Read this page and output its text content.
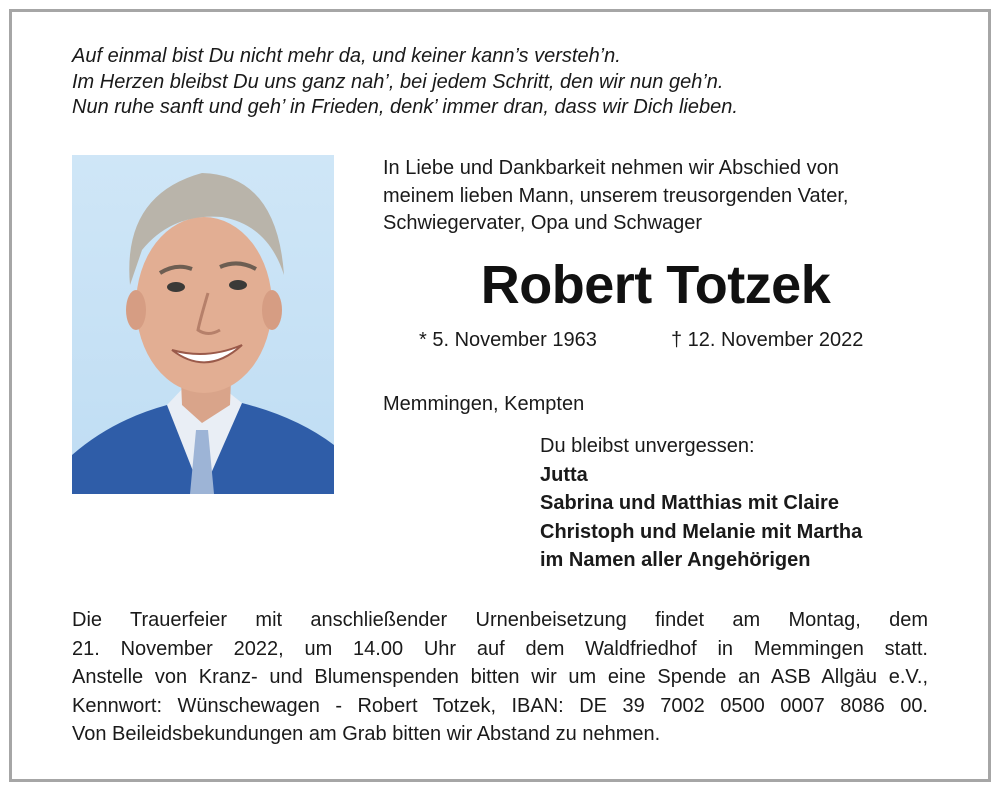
Auf einmal bist Du nicht mehr da, und keiner kann’s versteh’n.
Im Herzen bleibst Du uns ganz nah’, bei jedem Schritt, den wir nun geh’n.
Nun ruhe sanft und geh’ in Frieden, denk’ immer dran, dass wir Dich lieben.
In Liebe und Dankbarkeit nehmen wir Abschied von
meinem lieben Mann, unserem treusorgenden Vater,
Schwiegervater, Opa und Schwager
Robert Totzek
* 5. November 1963	† 12. November 2022
Memmingen, Kempten
Du bleibst unvergessen:
Jutta
Sabrina und Matthias mit Claire
Christoph und Melanie mit Martha
im Namen aller Angehörigen
Die Trauerfeier mit anschließender Urnenbeisetzung findet am Montag, dem
21. November 2022, um 14.00 Uhr auf dem Waldfriedhof in Memmingen statt.
Anstelle von Kranz- und Blumenspenden bitten wir um eine Spende an ASB Allgäu e.V.,
Kennwort: Wünschewagen - Robert Totzek, IBAN: DE 39 7002 0500 0007 8086 00.
Von Beileidsbekundungen am Grab bitten wir Abstand zu nehmen.
